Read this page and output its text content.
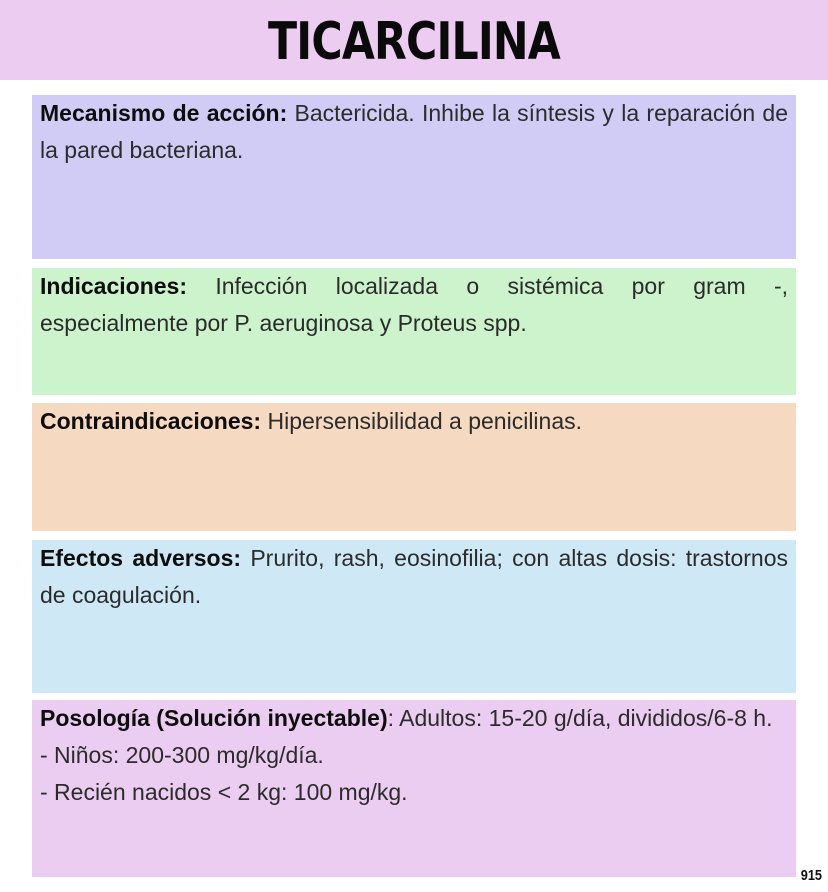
TICARCILINA

Mecanismo de acción: Bactericida. Inhibe la síntesis y la reparación de la pared bacteriana.

Indicaciones: Infección localizada o sistémica por gram -, especialmente por P. aeruginosa y Proteus spp.

Contraindicaciones: Hipersensibilidad a penicilinas.

Efectos adversos: Prurito, rash, eosinofilia; con altas dosis: trastornos de coagulación.

Posología (Solución inyectable): Adultos: 15-20 g/día, divididos/6-8 h.

- Niños: 200-300 mg/kg/día.

- Recién nacidos < 2 kg: 100 mg/kg.

915
